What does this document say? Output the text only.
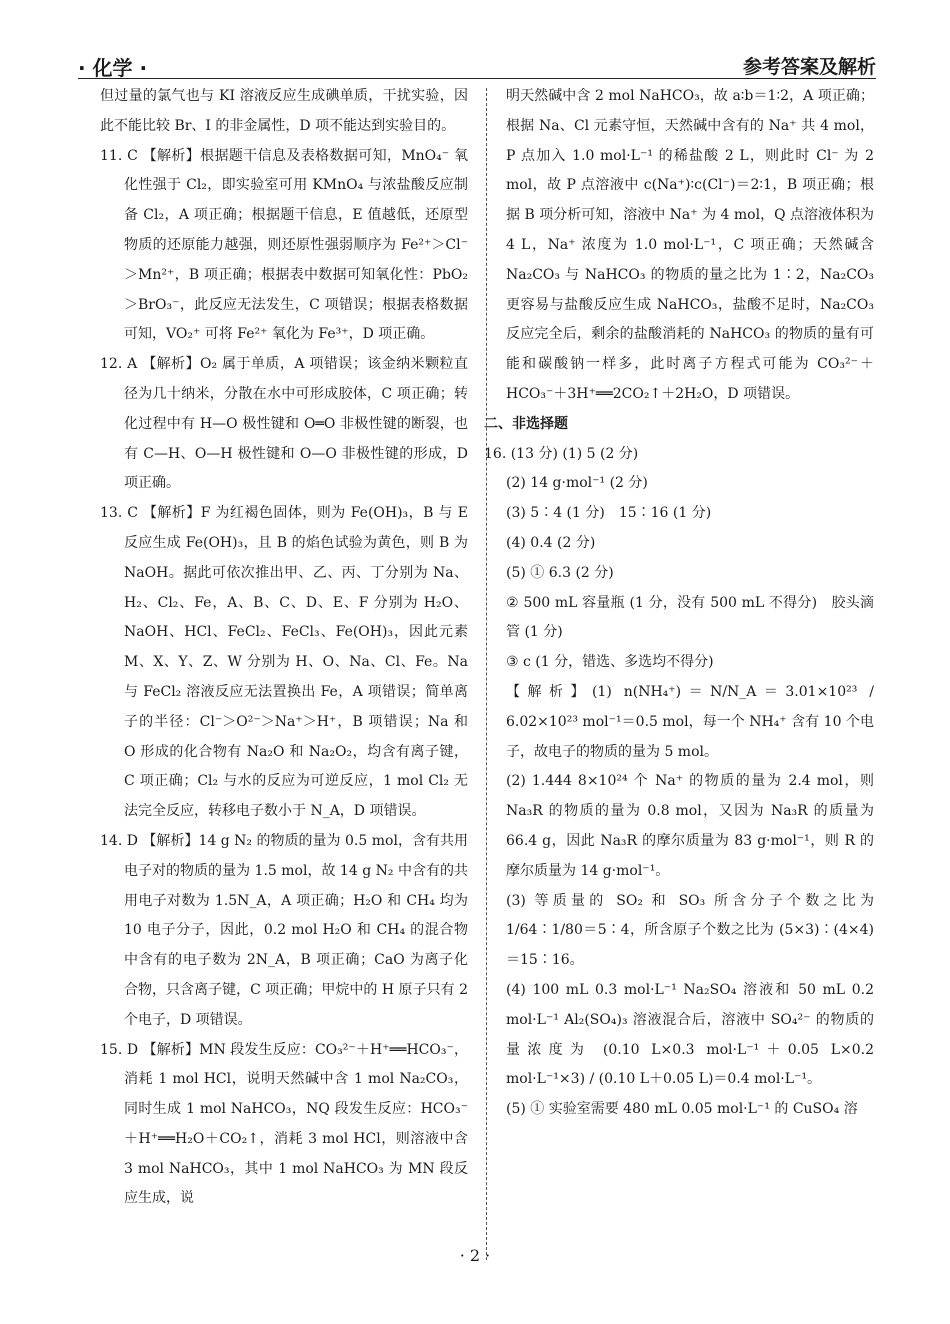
· 化学 ·	参考答案及解析

但过量的氯气也与 KI 溶液反应生成碘单质，干扰实验，因此不能比较 Br、I 的非金属性，D 项不能达到实验目的。

11. C 【解析】根据题干信息及表格数据可知，MnO₄⁻ 氧化性强于 Cl₂，即实验室可用 KMnO₄ 与浓盐酸反应制备 Cl₂，A 项正确；根据题干信息，E 值越低，还原型物质的还原能力越强，则还原性强弱顺序为 Fe²⁺＞Cl⁻＞Mn²⁺，B 项正确；根据表中数据可知氧化性：PbO₂＞BrO₃⁻，此反应无法发生，C 项错误；根据表格数据可知，VO₂⁺ 可将 Fe²⁺ 氧化为 Fe³⁺，D 项正确。

12. A 【解析】O₂ 属于单质，A 项错误；该金纳米颗粒直径为几十纳米，分散在水中可形成胶体，C 项正确；转化过程中有 H—O 极性键和 O═O 非极性键的断裂，也有 C—H、O—H 极性键和 O—O 非极性键的形成，D 项正确。

13. C 【解析】F 为红褐色固体，则为 Fe(OH)₃，B 与 E 反应生成 Fe(OH)₃，且 B 的焰色试验为黄色，则 B 为 NaOH。据此可依次推出甲、乙、丙、丁分别为 Na、H₂、Cl₂、Fe，A、B、C、D、E、F 分别为 H₂O、NaOH、HCl、FeCl₂、FeCl₃、Fe(OH)₃，因此元素 M、X、Y、Z、W 分别为 H、O、Na、Cl、Fe。Na 与 FeCl₂ 溶液反应无法置换出 Fe，A 项错误；简单离子的半径：Cl⁻＞O²⁻＞Na⁺＞H⁺，B 项错误；Na 和 O 形成的化合物有 Na₂O 和 Na₂O₂，均含有离子键，C 项正确；Cl₂ 与水的反应为可逆反应，1 mol Cl₂ 无法完全反应，转移电子数小于 N_A，D 项错误。

14. D 【解析】14 g N₂ 的物质的量为 0.5 mol，含有共用电子对的物质的量为 1.5 mol，故 14 g N₂ 中含有的共用电子对数为 1.5N_A，A 项正确；H₂O 和 CH₄ 均为 10 电子分子，因此，0.2 mol H₂O 和 CH₄ 的混合物中含有的电子数为 2N_A，B 项正确；CaO 为离子化合物，只含离子键，C 项正确；甲烷中的 H 原子只有 2 个电子，D 项错误。

15. D 【解析】MN 段发生反应：CO₃²⁻＋H⁺══HCO₃⁻，消耗 1 mol HCl，说明天然碱中含 1 mol Na₂CO₃，同时生成 1 mol NaHCO₃，NQ 段发生反应：HCO₃⁻＋H⁺══H₂O＋CO₂↑，消耗 3 mol HCl，则溶液中含 3 mol NaHCO₃，其中 1 mol NaHCO₃ 为 MN 段反应生成，说

明天然碱中含 2 mol NaHCO₃，故 a∶b＝1∶2，A 项正确；根据 Na、Cl 元素守恒，天然碱中含有的 Na⁺ 共 4 mol，P 点加入 1.0 mol·L⁻¹ 的稀盐酸 2 L，则此时 Cl⁻ 为 2 mol，故 P 点溶液中 c(Na⁺)∶c(Cl⁻)＝2∶1，B 项正确；根据 B 项分析可知，溶液中 Na⁺ 为 4 mol，Q 点溶液体积为 4 L，Na⁺ 浓度为 1.0 mol·L⁻¹，C 项正确；天然碱含 Na₂CO₃ 与 NaHCO₃ 的物质的量之比为 1∶2，Na₂CO₃ 更容易与盐酸反应生成 NaHCO₃，盐酸不足时，Na₂CO₃ 反应完全后，剩余的盐酸消耗的 NaHCO₃ 的物质的量有可能和碳酸钠一样多，此时离子方程式可能为 CO₃²⁻＋HCO₃⁻＋3H⁺══2CO₂↑＋2H₂O，D 项错误。

二、非选择题

16. (13 分) (1) 5 (2 分)

(2) 14 g·mol⁻¹ (2 分)

(3) 5∶4 (1 分)　15∶16 (1 分)

(4) 0.4 (2 分)

(5) ① 6.3 (2 分)

② 500 mL 容量瓶 (1 分，没有 500 mL 不得分)　胶头滴管 (1 分)

③ c (1 分，错选、多选均不得分)

【解析】(1) n(NH₄⁺)＝N/N_A＝3.01×10²³ / 6.02×10²³ mol⁻¹＝0.5 mol，每一个 NH₄⁺ 含有 10 个电子，故电子的物质的量为 5 mol。

(2) 1.444 8×10²⁴ 个 Na⁺ 的物质的量为 2.4 mol，则 Na₃R 的物质的量为 0.8 mol，又因为 Na₃R 的质量为 66.4 g，因此 Na₃R 的摩尔质量为 83 g·mol⁻¹，则 R 的摩尔质量为 14 g·mol⁻¹。

(3) 等质量的 SO₂ 和 SO₃ 所含分子个数之比为 1/64∶1/80＝5∶4，所含原子个数之比为 (5×3)∶(4×4)＝15∶16。

(4) 100 mL 0.3 mol·L⁻¹ Na₂SO₄ 溶液和 50 mL 0.2 mol·L⁻¹ Al₂(SO₄)₃ 溶液混合后，溶液中 SO₄²⁻ 的物质的量浓度为 (0.10 L×0.3 mol·L⁻¹＋0.05 L×0.2 mol·L⁻¹×3) / (0.10 L＋0.05 L)＝0.4 mol·L⁻¹。

(5) ① 实验室需要 480 mL 0.05 mol·L⁻¹ 的 CuSO₄ 溶

· 2 ·
